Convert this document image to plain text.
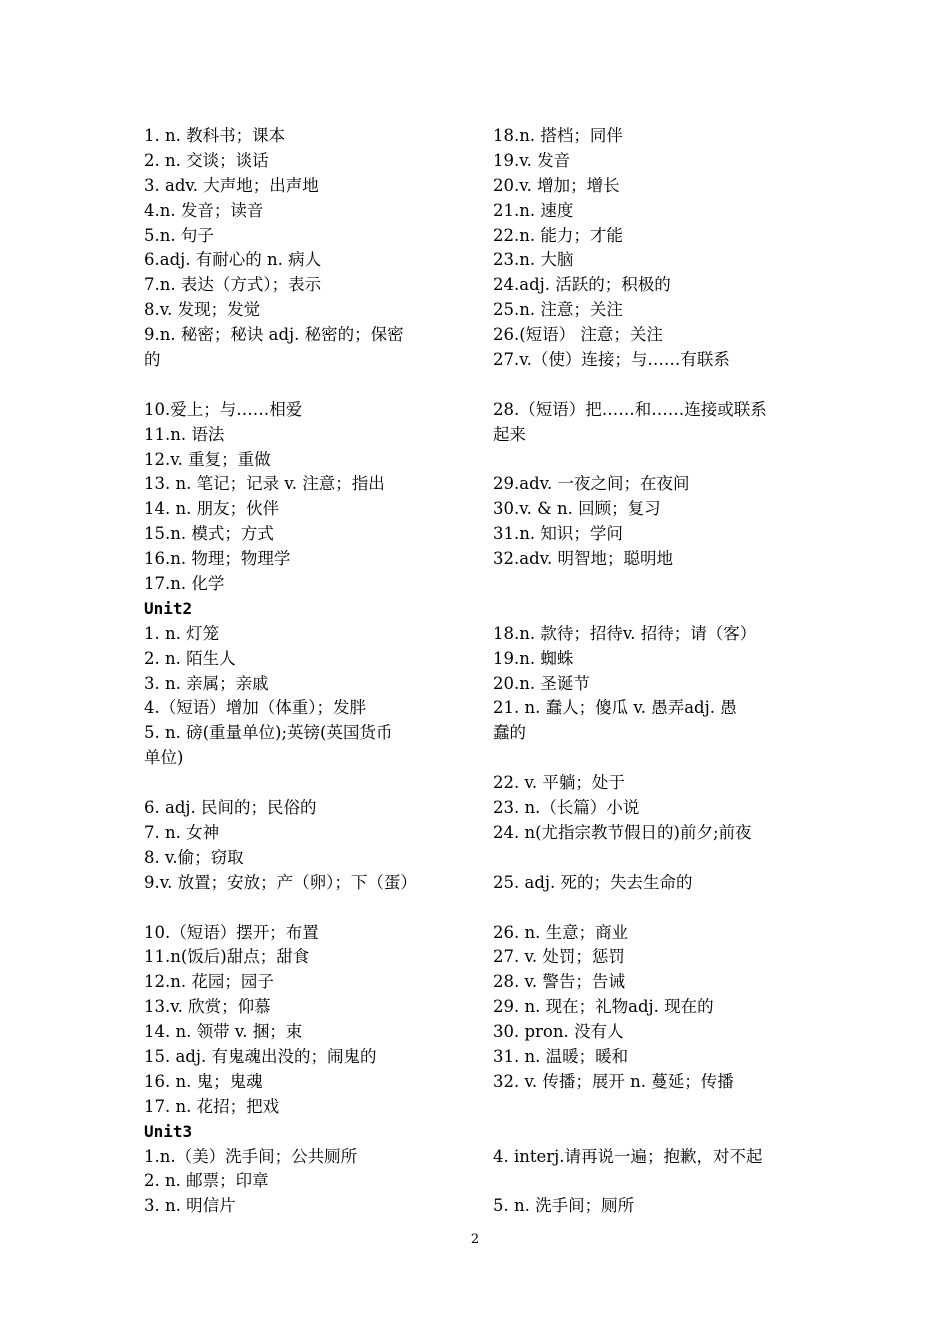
1. n. 教科书；课本
2. n. 交谈；谈话
3. adv. 大声地；出声地
4.n. 发音；读音
5.n. 句子
6.adj. 有耐心的 n. 病人
7.n. 表达（方式）；表示
8.v. 发现；发觉
9.n. 秘密；秘诀 adj. 秘密的；保密
的
10.爱上；与……相爱
11.n. 语法
12.v. 重复；重做
13. n. 笔记；记录 v. 注意；指出
14. n. 朋友；伙伴
15.n. 模式；方式
16.n. 物理；物理学
17.n. 化学
Unit2
1. n. 灯笼
2. n. 陌生人
3. n. 亲属；亲戚
4.（短语）增加（体重）；发胖
5. n. 磅(重量单位);英镑(英国货币
单位)
6. adj. 民间的；民俗的
7. n. 女神
8. v.偷；窃取
9.v. 放置；安放；产（卵）；下（蛋）
10.（短语）摆开；布置
11.n(饭后)甜点；甜食
12.n. 花园；园子
13.v. 欣赏；仰慕
14. n. 领带 v. 捆；束
15. adj. 有鬼魂出没的；闹鬼的
16. n. 鬼；鬼魂
17. n. 花招；把戏
Unit3
1.n.（美）洗手间；公共厕所
2. n. 邮票；印章
3. n. 明信片
18.n. 搭档；同伴
19.v. 发音
20.v. 增加；增长
21.n. 速度
22.n. 能力；才能
23.n. 大脑
24.adj. 活跃的；积极的
25.n. 注意；关注
26.(短语） 注意；关注
27.v.（使）连接；与……有联系
28.（短语）把……和……连接或联系
起来
29.adv. 一夜之间；在夜间
30.v. & n. 回顾；复习
31.n. 知识；学问
32.adv. 明智地；聪明地
18.n. 款待；招待v. 招待；请（客）
19.n. 蜘蛛
20.n. 圣诞节
21. n. 蠢人；傻瓜 v. 愚弄adj. 愚
蠢的
22. v. 平躺；处于
23. n.（长篇）小说
24. n(尤指宗教节假日的)前夕;前夜
25. adj. 死的；失去生命的
26. n. 生意；商业
27. v. 处罚；惩罚
28. v. 警告；告诫
29. n. 现在；礼物adj. 现在的
30. pron. 没有人
31. n. 温暖；暖和
32. v. 传播；展开 n. 蔓延；传播
4. interj.请再说一遍；抱歉，对不起
5. n. 洗手间；厕所
2
